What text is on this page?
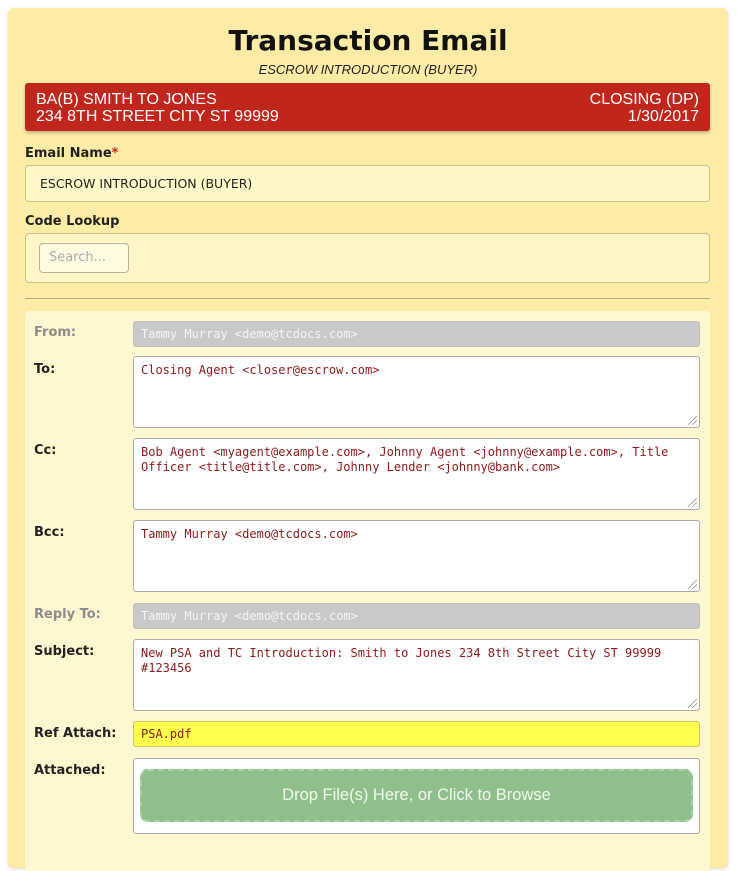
Transaction Email
ESCROW INTRODUCTION (BUYER)
BA(B) SMITH TO JONES
234 8TH STREET CITY ST 99999
CLOSING (DP)
1/30/2017
Email Name*
ESCROW INTRODUCTION (BUYER)
Code Lookup
Search...
From:	Tammy Murray <demo@tcdocs.com>
To:	Closing Agent <closer@escrow.com>
Cc:	Bob Agent <myagent@example.com>, Johnny Agent <johnny@example.com>, Title Officer <title@title.com>, Johnny Lender <johnny@bank.com>
Bcc:	Tammy Murray <demo@tcdocs.com>
Reply To:	Tammy Murray <demo@tcdocs.com>
Subject:	New PSA and TC Introduction: Smith to Jones 234 8th Street City ST 99999 #123456
Ref Attach:	PSA.pdf
Attached:
Drop File(s) Here, or Click to Browse
